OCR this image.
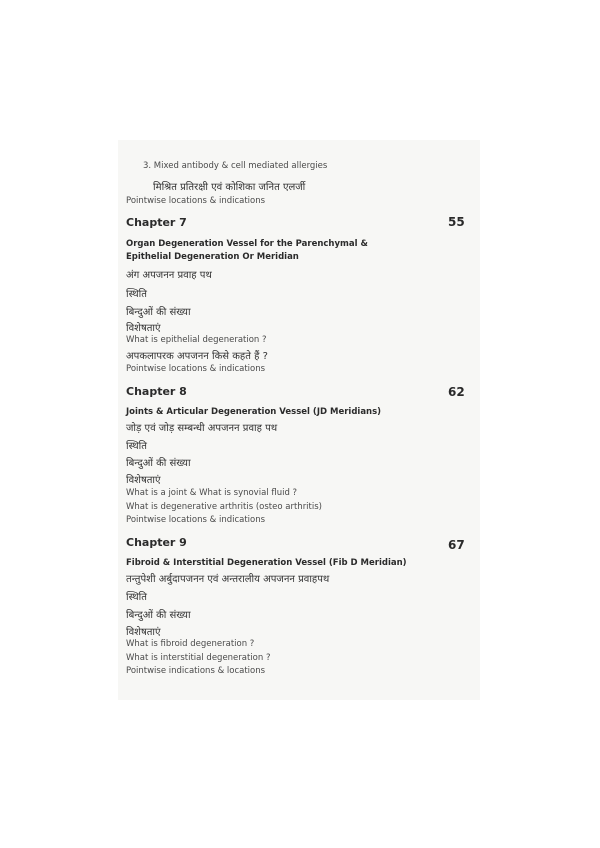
3. Mixed antibody & cell mediated allergies
मिश्रित प्रतिरक्षी एवं कोशिका जनित एलर्जी
Pointwise locations & indications
Chapter 7	55
Organ Degeneration Vessel for the Parenchymal &
Epithelial Degeneration Or Meridian
अंग अपजनन प्रवाह पथ
स्थिति
बिन्दुओं की संख्या
विशेषताएं
What is epithelial degeneration ?
अपकलापरक अपजनन किसे कहते हैं ?
Pointwise locations & indications
Chapter 8	62
Joints & Articular Degeneration Vessel (JD Meridians)
जोड़ एवं जोड़ सम्बन्धी अपजनन प्रवाह पथ
स्थिति
बिन्दुओं की संख्या
विशेषताएं
What is a joint & What is synovial fluid ?
What is degenerative arthritis (osteo arthritis)
Pointwise locations & indications
Chapter 9	67
Fibroid & Interstitial Degeneration Vessel (Fib D Meridian)
तन्तुपेशी अर्बुदापजनन एवं अन्तरालीय अपजनन प्रवाहपथ
स्थिति
बिन्दुओं की संख्या
विशेषताएं
What is fibroid degeneration ?
What is interstitial degeneration ?
Pointwise indications & locations
